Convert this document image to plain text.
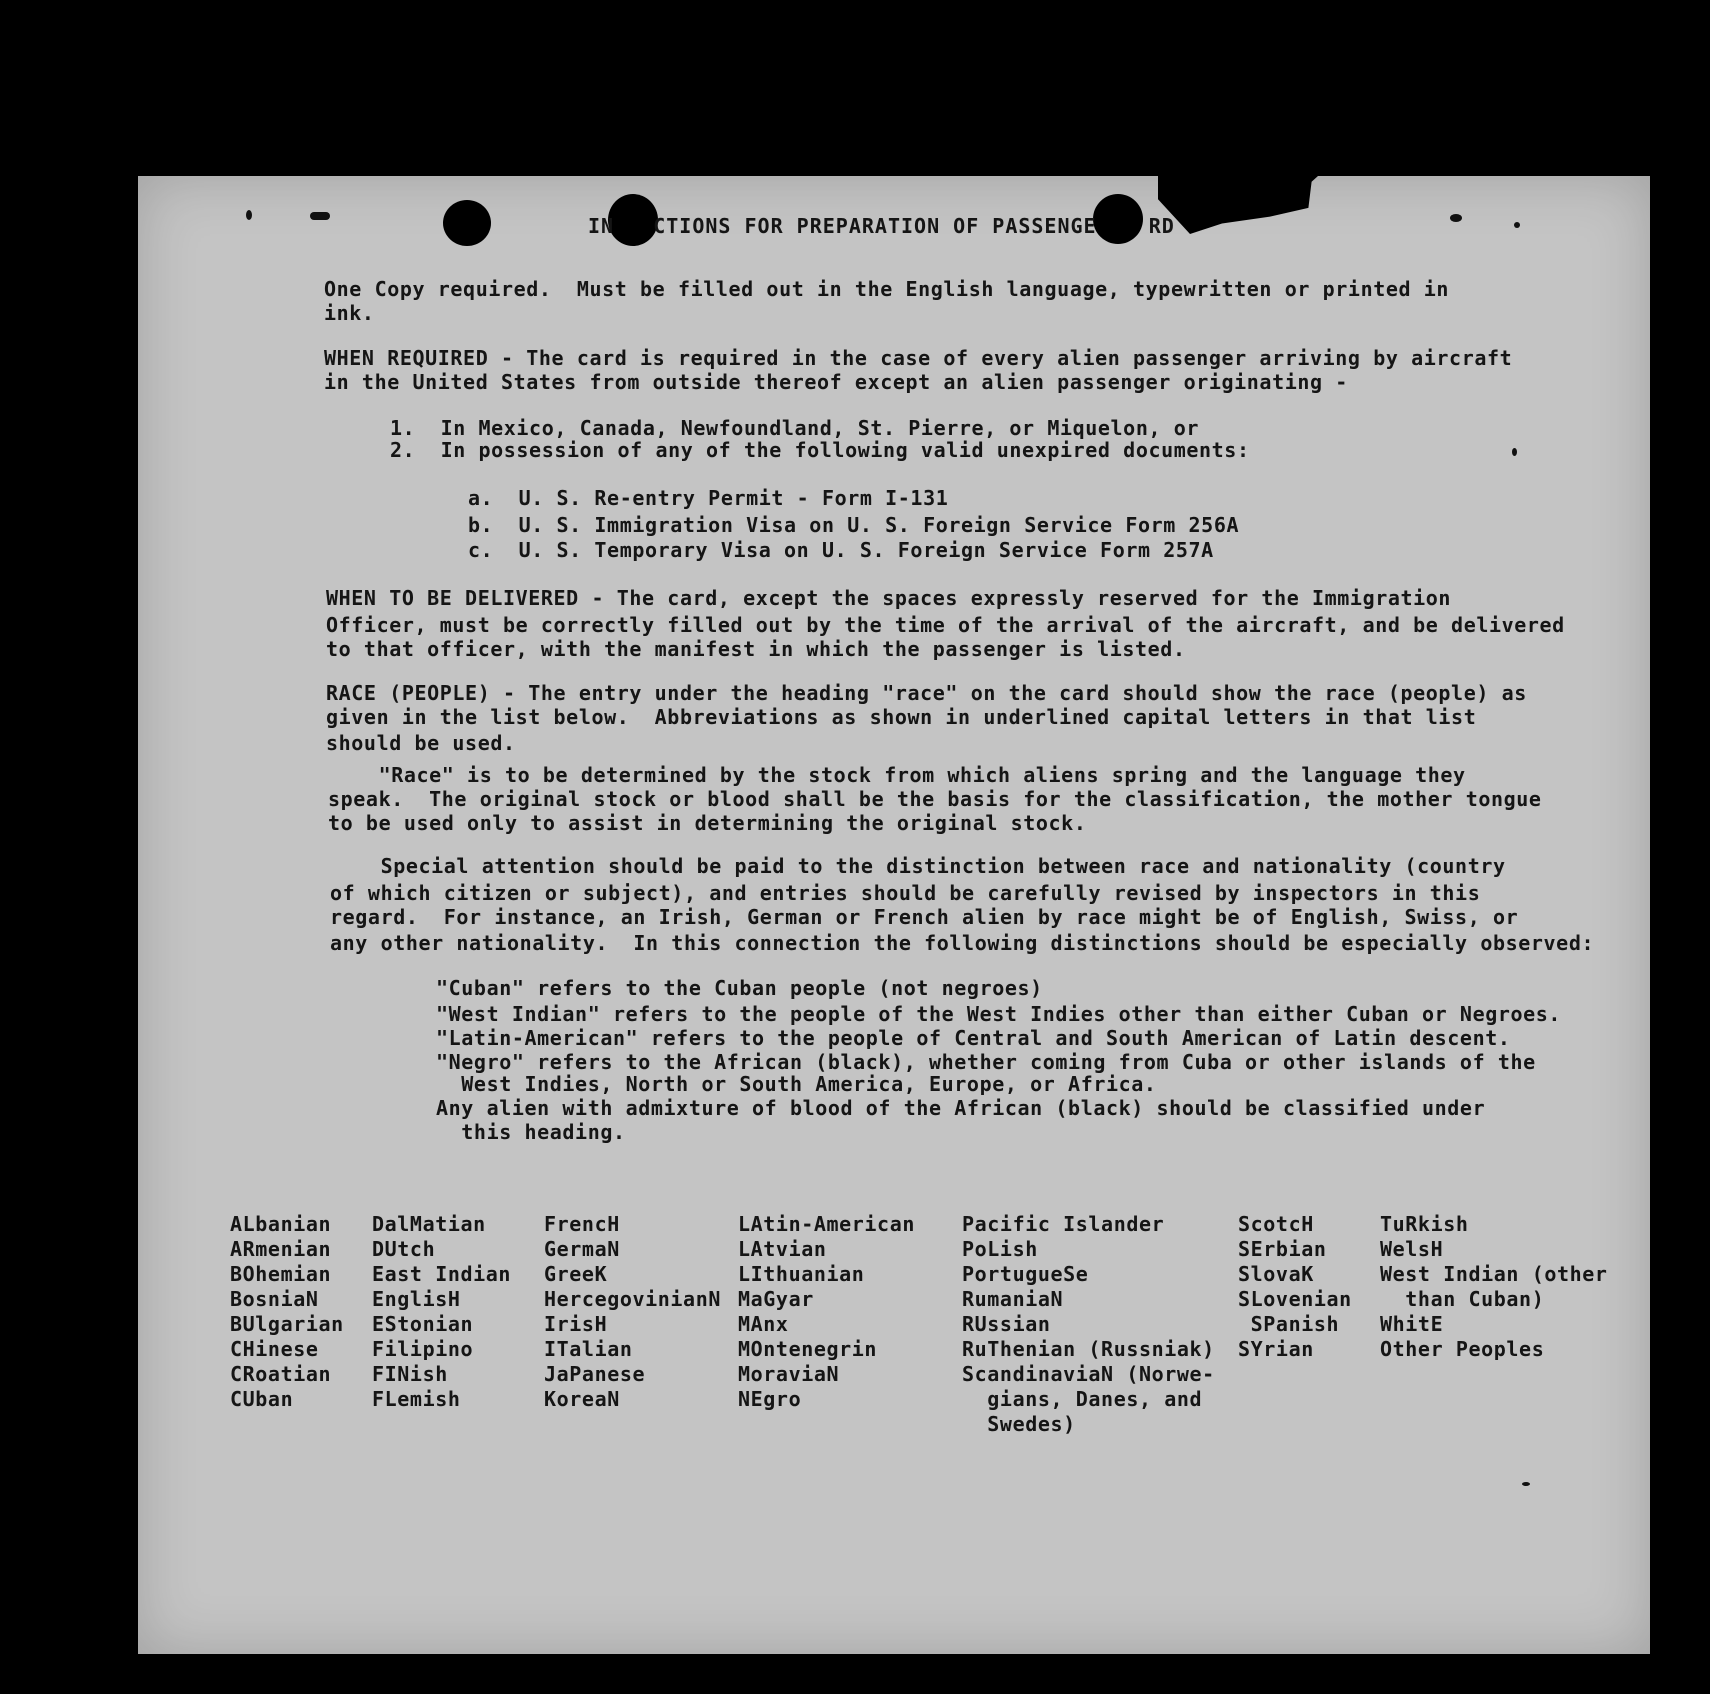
IN   CTIONS FOR PREPARATION OF PASSENGE    RD
One Copy required.  Must be filled out in the English language, typewritten or printed in
ink.
WHEN REQUIRED - The card is required in the case of every alien passenger arriving by aircraft
in the United States from outside thereof except an alien passenger originating -
1.  In Mexico, Canada, Newfoundland, St. Pierre, or Miquelon, or
2.  In possession of any of the following valid unexpired documents:
a.  U. S. Re-entry Permit - Form I-131
b.  U. S. Immigration Visa on U. S. Foreign Service Form 256A
c.  U. S. Temporary Visa on U. S. Foreign Service Form 257A
WHEN TO BE DELIVERED - The card, except the spaces expressly reserved for the Immigration
Officer, must be correctly filled out by the time of the arrival of the aircraft, and be delivered
to that officer, with the manifest in which the passenger is listed.
RACE (PEOPLE) - The entry under the heading "race" on the card should show the race (people) as
given in the list below.  Abbreviations as shown in underlined capital letters in that list
should be used.
"Race" is to be determined by the stock from which aliens spring and the language they
speak.  The original stock or blood shall be the basis for the classification, the mother tongue
to be used only to assist in determining the original stock.
Special attention should be paid to the distinction between race and nationality (country
of which citizen or subject), and entries should be carefully revised by inspectors in this
regard.  For instance, an Irish, German or French alien by race might be of English, Swiss, or
any other nationality.  In this connection the following distinctions should be especially observed:
"Cuban" refers to the Cuban people (not negroes)
"West Indian" refers to the people of the West Indies other than either Cuban or Negroes.
"Latin-American" refers to the people of Central and South American of Latin descent.
"Negro" refers to the African (black), whether coming from Cuba or other islands of the
West Indies, North or South America, Europe, or Africa.
Any alien with admixture of blood of the African (black) should be classified under
this heading.
ALbanian
ARmenian
BOhemian
BosniaN
BUlgarian
CHinese
CRoatian
CUban
DalMatian
DUtch
East Indian
EnglisH
EStonian
Filipino
FINish
FLemish
FrencH
GermaN
GreeK
HercegovinianN
IrisH
ITalian
JaPanese
KoreaN
LAtin-American
LAtvian
LIthuanian
MaGyar
MAnx
MOntenegrin
MoraviaN
NEgro
Pacific Islander
PoLish
PortugueSe
RumaniaN
RUssian
RuThenian (Russniak)
ScandinaviaN (Norwe-
gians, Danes, and
Swedes)
ScotcH
SErbian
SlovaK
SLovenian
SPanish
SYrian
TuRkish
WelsH
West Indian (other
than Cuban)
WhitE
Other Peoples
